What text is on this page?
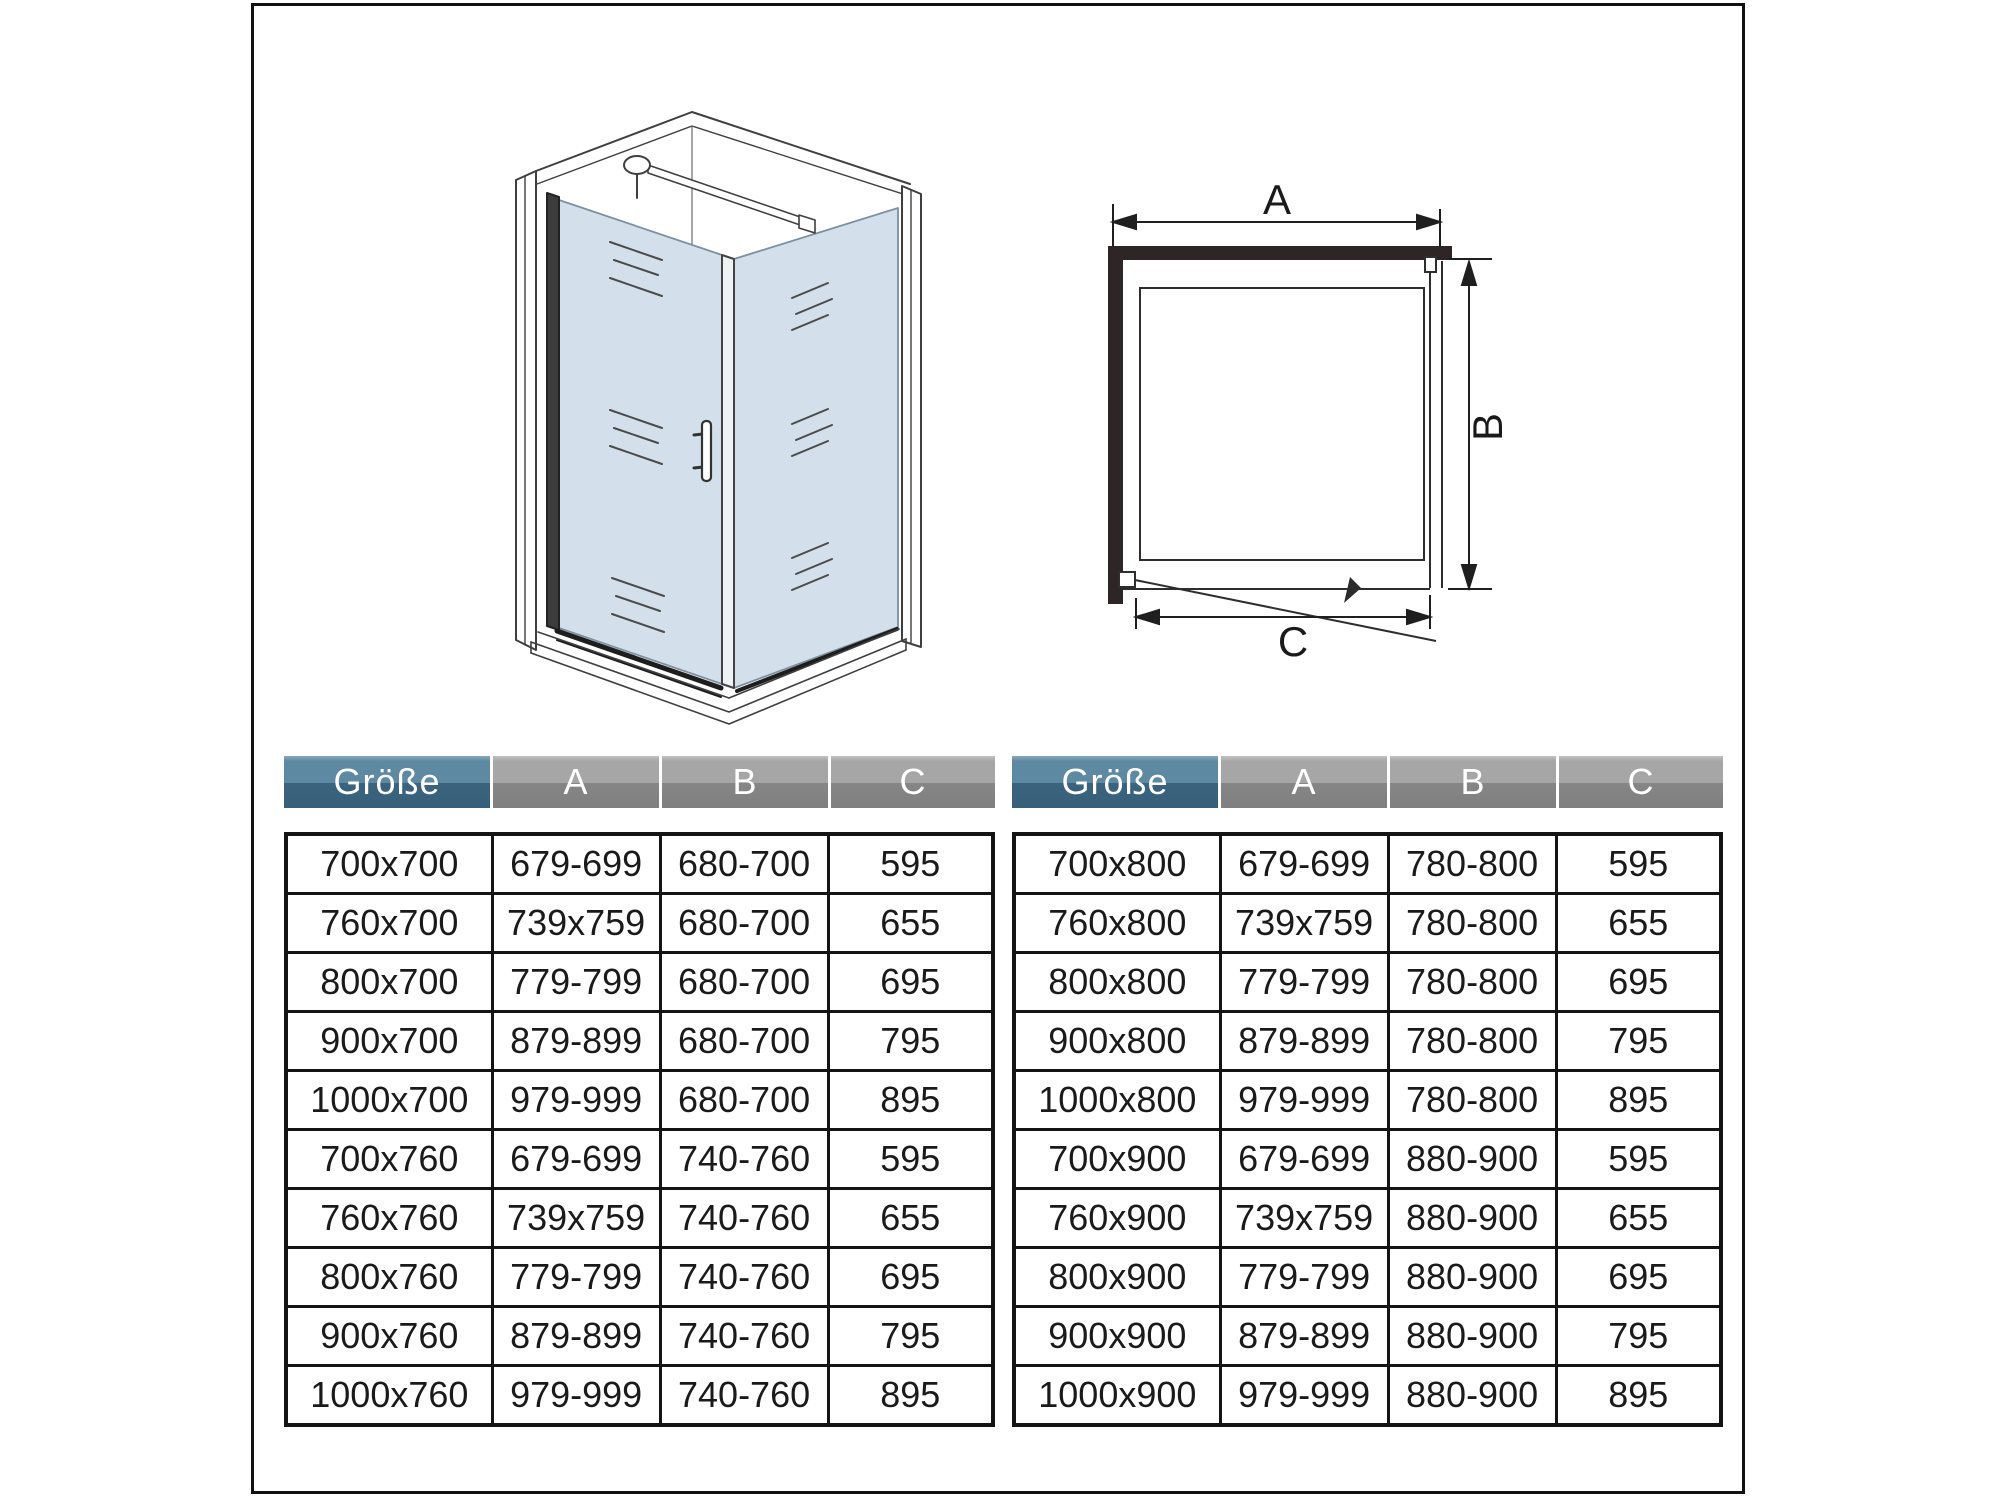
A
B
C
Größe	A	B	C
700x700	679-699	680-700	595
760x700	739x759	680-700	655
800x700	779-799	680-700	695
900x700	879-899	680-700	795
1000x700	979-999	680-700	895
700x760	679-699	740-760	595
760x760	739x759	740-760	655
800x760	779-799	740-760	695
900x760	879-899	740-760	795
1000x760	979-999	740-760	895
Größe	A	B	C
700x800	679-699	780-800	595
760x800	739x759	780-800	655
800x800	779-799	780-800	695
900x800	879-899	780-800	795
1000x800	979-999	780-800	895
700x900	679-699	880-900	595
760x900	739x759	880-900	655
800x900	779-799	880-900	695
900x900	879-899	880-900	795
1000x900	979-999	880-900	895
